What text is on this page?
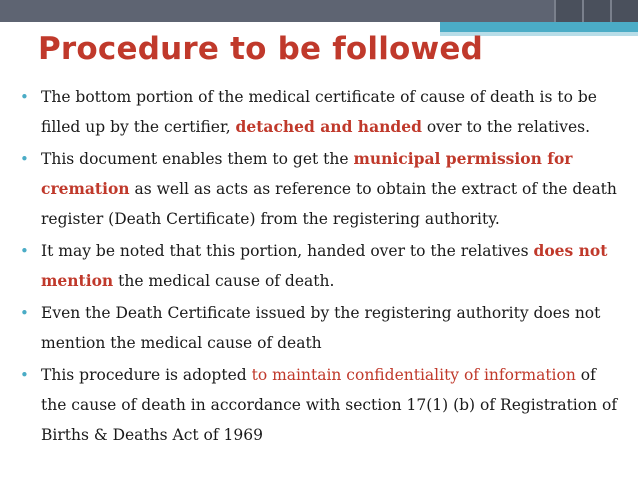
Procedure to be followed

• The bottom portion of the medical certificate of cause of death is to be filled up by the certifier, detached and handed over to the relatives.

• This document enables them to get the municipal permission for cremation as well as acts as reference to obtain the extract of the death register (Death Certificate) from the registering authority.

• It may be noted that this portion, handed over to the relatives does not mention the medical cause of death.

• Even the Death Certificate issued by the registering authority does not mention the medical cause of death

• This procedure is adopted to maintain confidentiality of information of the cause of death in accordance with section 17(1) (b) of Registration of Births & Deaths Act of 1969
